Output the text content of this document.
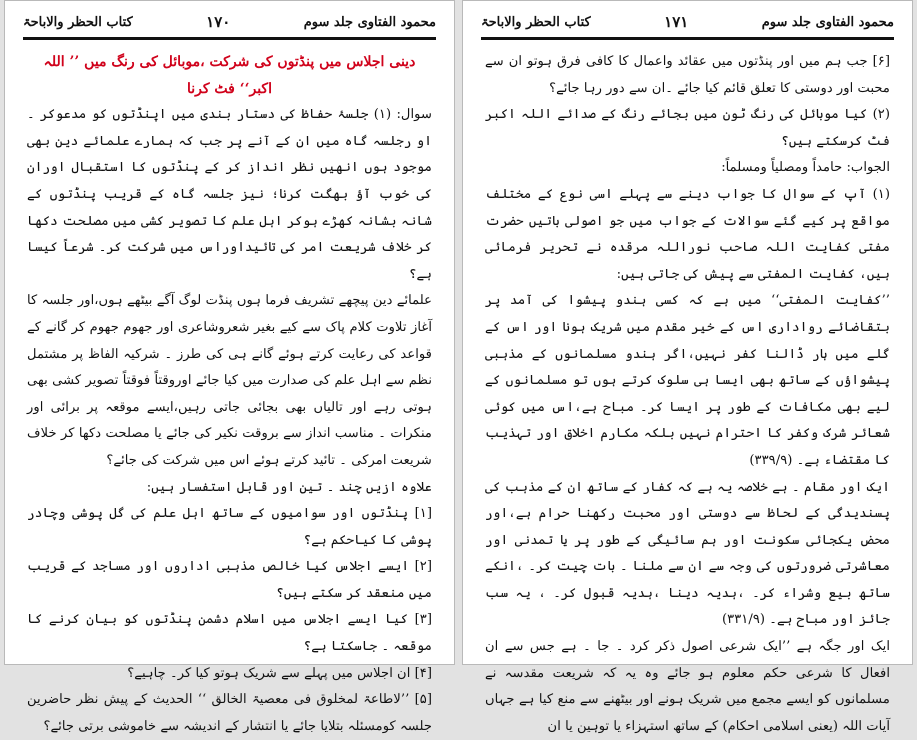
محمود الفتاوی جلد سوم
۱۷۰
کتاب الحظر والاباحۃ

دینی اجلاس میں پنڈتوں کی شرکت ،موبائل کی رنگ میں ’’ اللہ اکبر‘‘ فٹ کرنا

سوال: (۱) جلسۂ حفاظ کی دستار بندی میں اپنڈتوں کو مدعوکر ۔او رجلسہ گاہ میں ان کے آنے پر جب کہ ہمارے علمائے دین بھی موجود ہوں انھیں نظر انداز کر کے پنڈتوں کا استقبال اوران کی خوب آؤ بھگت کرنا؛ نیز جلسہ گاہ کے قریب پنڈتوں کے شانہ بشانہ کھڑے ہوکر اہل علم کا تصویر کشی میں مصلحت دکھا کر خلاف شریعت امر کی تائیداوراس میں شرکت کر۔ شرعاً کیسا ہے؟

علمائے دین پیچھے تشریف فرما ہوں پنڈت لوگ آگے بیٹھے ہوں،اور جلسہ کا آغاز تلاوت کلام پاک سے کیے بغیر شعروشاعری اور جھوم جھوم کر گانے کے قواعد کی رعایت کرتے ہوئے گانے ہی کی طرز ۔ شرکیہ الفاظ پر مشتمل نظم سے اہل علم کی صدارت میں کیا جائے اوروقتاً فوقتاً تصویر کشی بھی ہوتی رہے اور تالیاں بھی بجائی جاتی رہیں،ایسے موقعہ پر برائی اور منکرات ۔ مناسب انداز سے بروقت نکیر کی جائے یا مصلحت دکھا کر خلاف شریعت امرکی ۔ تائید کرتے ہوئے اس میں شرکت کی جائے؟

علاوہ ازیں چند ۔ تین اور قابل استفسار ہیں:

[۱] پنڈتوں اور سوامیوں کے ساتھ اہل علم کی گل پوشی وچادر پوشی کا کیاحکم ہے؟

[۲] ایسے اجلاس کیا خالص مذہبی اداروں اور مساجد کے قریب میں منعقد کر سکتے ہیں؟

[۳] کیا ایسے اجلاس میں اسلام دشمن پنڈتوں کو بیان کرنے کا موقعہ ۔ جاسکتا ہے؟

[۴] ان اجلاس میں پہلے سے شریک ہوتو کیا کر۔ چاہیے؟

[۵] ’’لاطاعۃ لمخلوق فی معصیۃ الخالق ‘‘ الحدیث کے پیش نظر حاضرین جلسہ کومسئلہ بتلایا جائے یا انتشار کے اندیشہ سے خاموشی برتی جائے؟

محمود الفتاوی جلد سوم
۱۷۱
کتاب الحظر والاباحۃ

[۶] جب ہم میں اور پنڈتوں میں عقائد واعمال کا کافی فرق ہوتو ان سے محبت اور دوستی کا تعلق قائم کیا جائے ۔ان سے دور رہا جائے؟

(۲) کیا موبائل کی رنگ ٹون میں بجائے رنگ کے صدائے اللہ اکبر فٹ کرسکتے ہیں؟

الجواب: حامداً ومصلیاً ومسلماً:

(۱) آپ کے سوال کا جواب دینے سے پہلے اسی نوع کے مختلف مواقع پر کیے گئے سوالات کے جواب میں جو اصولی باتیں حضرت مفتی کفایت اللہ صاحب نوراللہ مرقدہ نے تحریر فرمائی ہیں، کفایت المفتی سے پیش کی جاتی ہیں:

’’کفایت المفتی‘‘ میں ہے کہ کسی ہندو پیشوا کی آمد پر بتقاضائے رواداری اس کے خیر مقدم میں شریک ہونا اور اس کے گلے میں ہار ڈالنا کفر نہیں،اگر ہندو مسلمانوں کے مذہبی پیشواؤں کے ساتھ بھی ایسا ہی سلوک کرتے ہوں تو مسلمانوں کے لیے بھی مکافات کے طور پر ایسا کر۔ مباح ہے،اس میں کوئی شعائر شرک وکفر کا احترام نہیں بلکہ مکارم اخلاق اور تہذیب کا مقتضاء ہے۔ (۳۳۹/۹)

ایک اور مقام ۔ ہے خلاصہ یہ ہے کہ کفار کے ساتھ ان کے مذہب کی پسندیدگی کے لحاظ سے دوستی اور محبت رکھنا حرام ہے،اور محض یکجائی سکونت اور ہم سائیگی کے طور پر یا تمدنی اور معاشرتی ضرورتوں کی وجہ سے ان سے ملنا ۔ بات چیت کر۔ ،انکے ساتھ بیع وشراء کر۔ ،ہدیہ دینا ،ہدیہ قبول کر۔ ، یہ سب جائز اور مباح ہے۔ (۳۳۱/۹)

ایک اور جگہ ہے ’’ایک شرعی اصول ذکر کرد ۔ جا ۔ ہے جس سے ان افعال کا شرعی حکم معلوم ہو جائے وہ یہ کہ شریعت مقدسہ نے مسلمانوں کو ایسے مجمع میں شریک ہونے اور بیٹھنے سے منع کیا ہے جہاں آیات اللہ (یعنی اسلامی احکام) کے ساتھ استہزاء یا توہین یا ان
